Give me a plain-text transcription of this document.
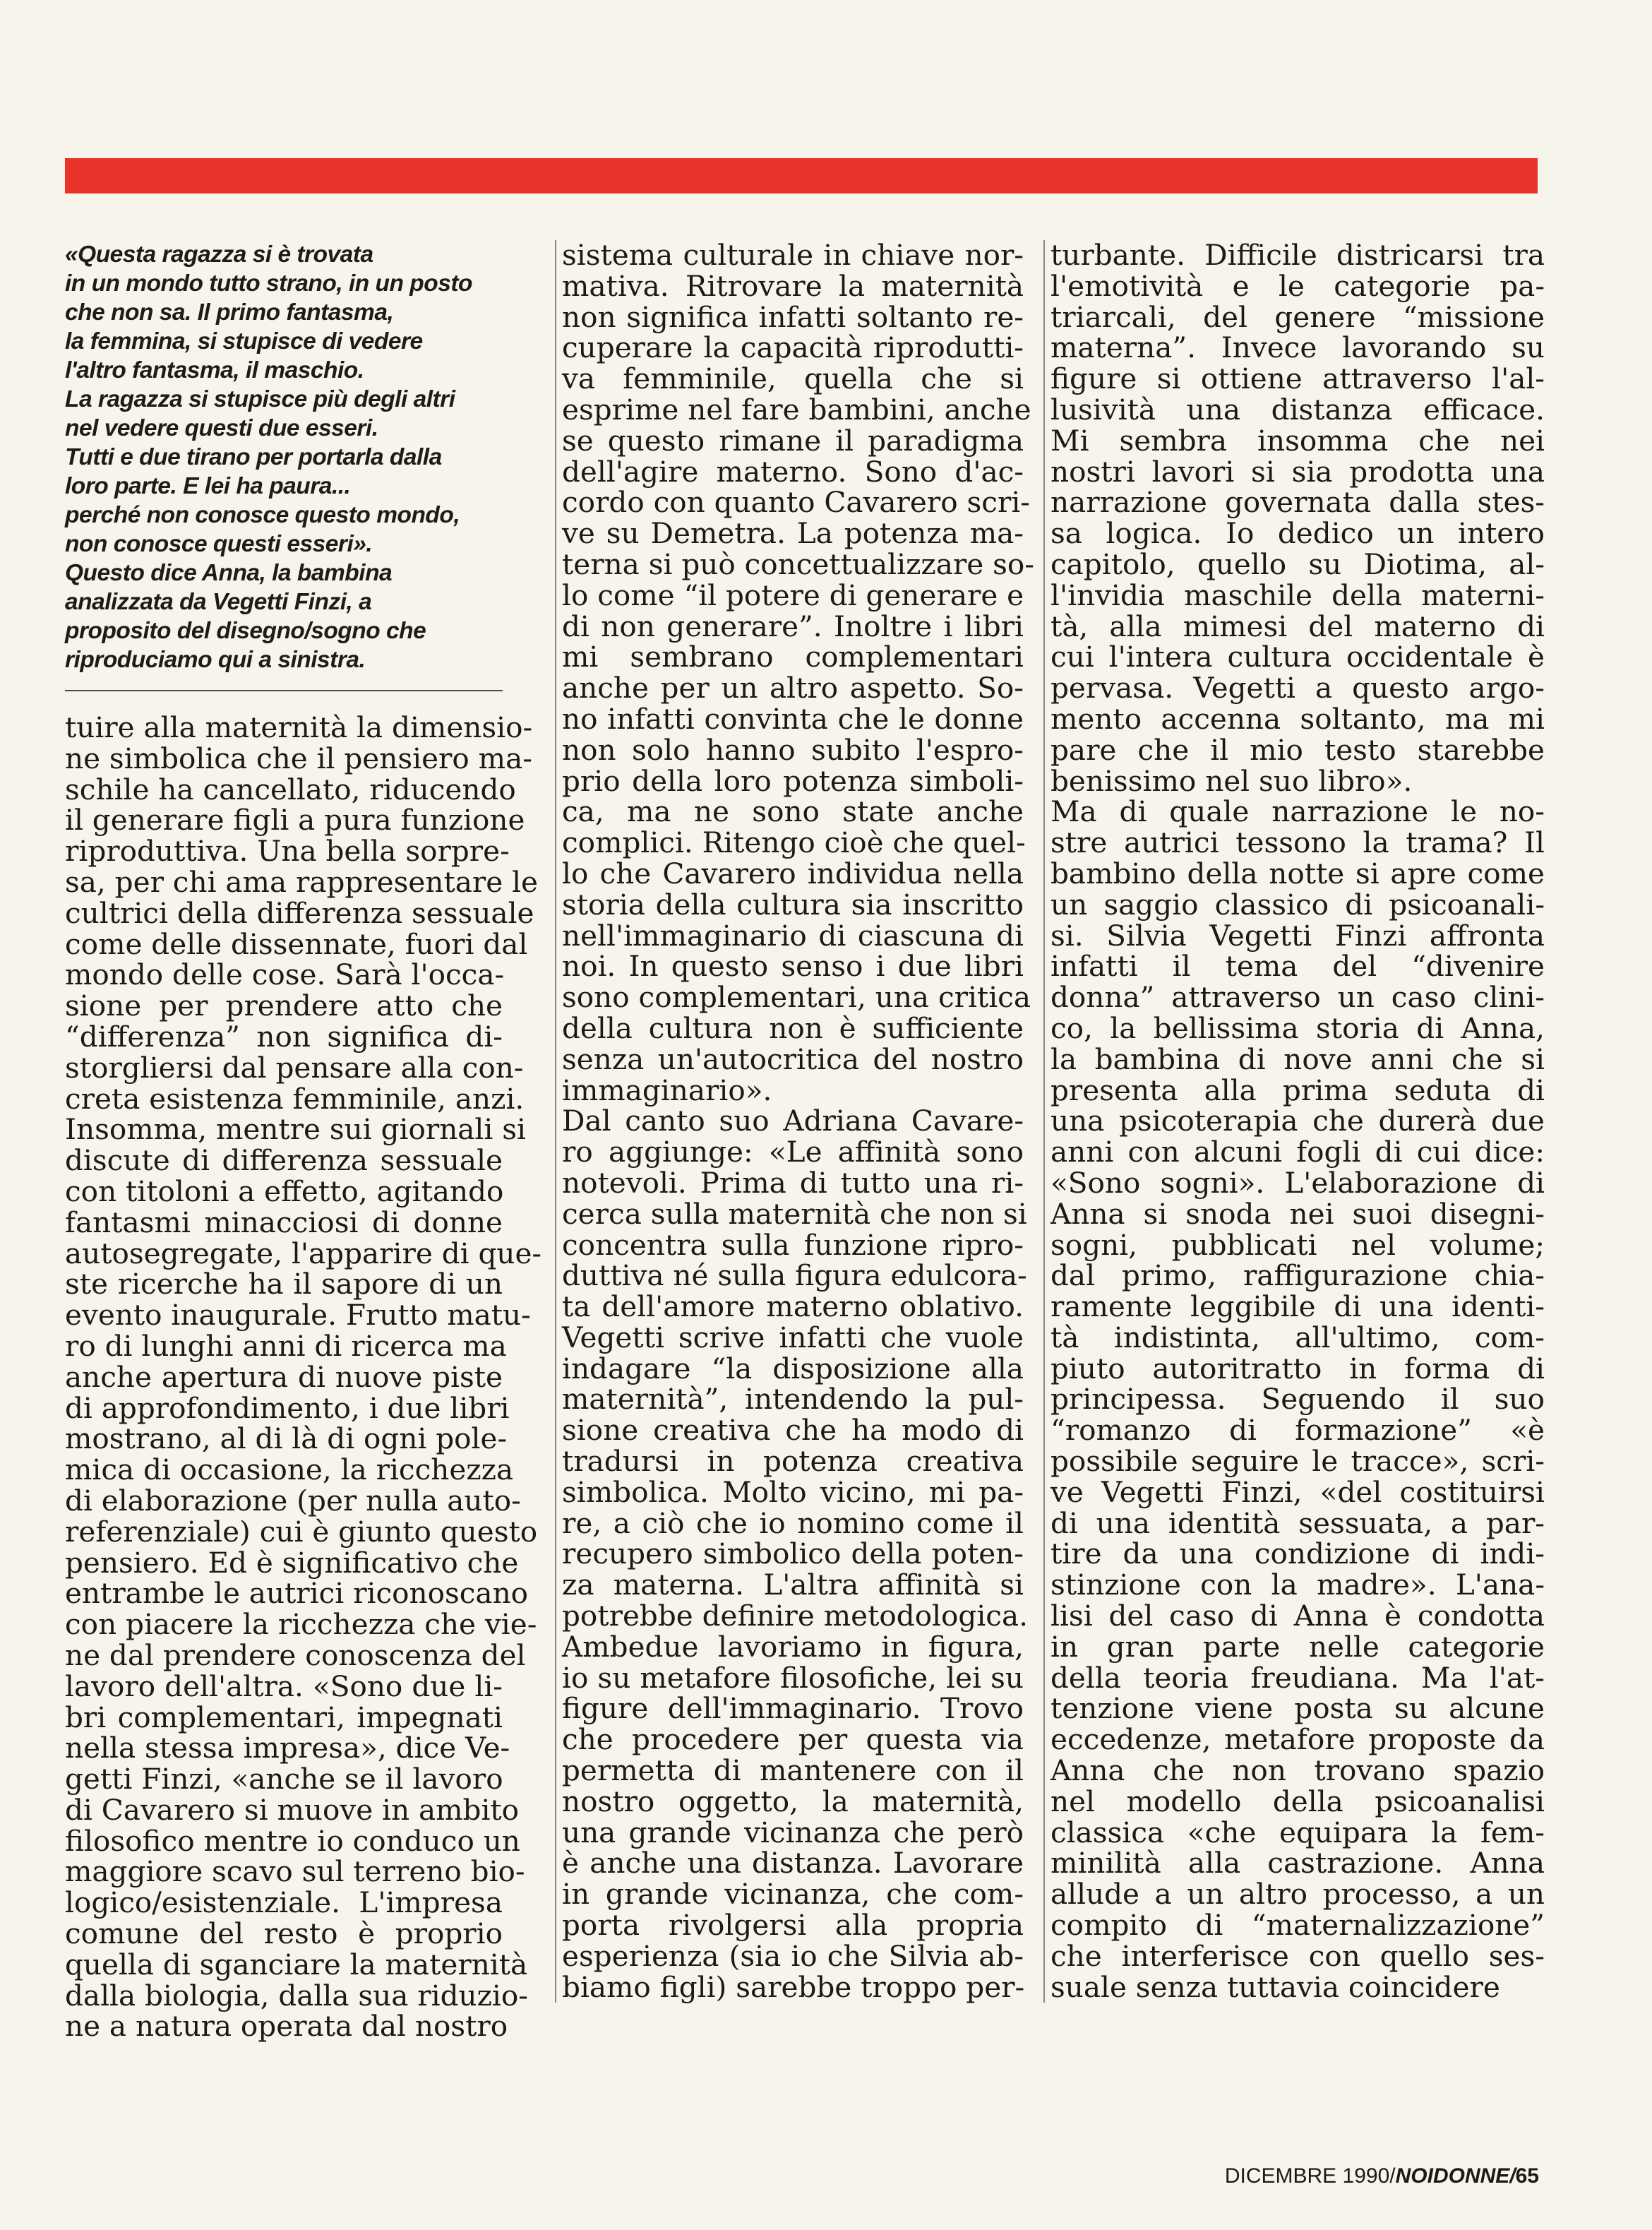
«Questa ragazza si è trovata
in un mondo tutto strano, in un posto
che non sa. Il primo fantasma,
la femmina, si stupisce di vedere
l'altro fantasma, il maschio.
La ragazza si stupisce più degli altri
nel vedere questi due esseri.
Tutti e due tirano per portarla dalla
loro parte. E lei ha paura...
perché non conosce questo mondo,
non conosce questi esseri».
Questo dice Anna, la bambina
analizzata da Vegetti Finzi, a
proposito del disegno/sogno che
riproduciamo qui a sinistra.
tuire alla maternità la dimensio-
ne simbolica che il pensiero ma-
schile ha cancellato, riducendo
il generare figli a pura funzione
riproduttiva. Una bella sorpre-
sa, per chi ama rappresentare le
cultrici della differenza sessuale
come delle dissennate, fuori dal
mondo delle cose. Sarà l'occa-
sione per prendere atto che
“differenza” non significa di-
storgliersi dal pensare alla con-
creta esistenza femminile, anzi.
Insomma, mentre sui giornali si
discute di differenza sessuale
con titoloni a effetto, agitando
fantasmi minacciosi di donne
autosegregate, l'apparire di que-
ste ricerche ha il sapore di un
evento inaugurale. Frutto matu-
ro di lunghi anni di ricerca ma
anche apertura di nuove piste
di approfondimento, i due libri
mostrano, al di là di ogni pole-
mica di occasione, la ricchezza
di elaborazione (per nulla auto-
referenziale) cui è giunto questo
pensiero. Ed è significativo che
entrambe le autrici riconoscano
con piacere la ricchezza che vie-
ne dal prendere conoscenza del
lavoro dell'altra. «Sono due li-
bri complementari, impegnati
nella stessa impresa», dice Ve-
getti Finzi, «anche se il lavoro
di Cavarero si muove in ambito
filosofico mentre io conduco un
maggiore scavo sul terreno bio-
logico/esistenziale. L'impresa
comune del resto è proprio
quella di sganciare la maternità
dalla biologia, dalla sua riduzio-
ne a natura operata dal nostro
sistema culturale in chiave nor-
mativa. Ritrovare la maternità
non significa infatti soltanto re-
cuperare la capacità riprodutti-
va femminile, quella che si
esprime nel fare bambini, anche
se questo rimane il paradigma
dell'agire materno. Sono d'ac-
cordo con quanto Cavarero scri-
ve su Demetra. La potenza ma-
terna si può concettualizzare so-
lo come “il potere di generare e
di non generare”. Inoltre i libri
mi sembrano complementari
anche per un altro aspetto. So-
no infatti convinta che le donne
non solo hanno subito l'espro-
prio della loro potenza simboli-
ca, ma ne sono state anche
complici. Ritengo cioè che quel-
lo che Cavarero individua nella
storia della cultura sia inscritto
nell'immaginario di ciascuna di
noi. In questo senso i due libri
sono complementari, una critica
della cultura non è sufficiente
senza un'autocritica del nostro
immaginario».
Dal canto suo Adriana Cavare-
ro aggiunge: «Le affinità sono
notevoli. Prima di tutto una ri-
cerca sulla maternità che non si
concentra sulla funzione ripro-
duttiva né sulla figura edulcora-
ta dell'amore materno oblativo.
Vegetti scrive infatti che vuole
indagare “la disposizione alla
maternità”, intendendo la pul-
sione creativa che ha modo di
tradursi in potenza creativa
simbolica. Molto vicino, mi pa-
re, a ciò che io nomino come il
recupero simbolico della poten-
za materna. L'altra affinità si
potrebbe definire metodologica.
Ambedue lavoriamo in figura,
io su metafore filosofiche, lei su
figure dell'immaginario. Trovo
che procedere per questa via
permetta di mantenere con il
nostro oggetto, la maternità,
una grande vicinanza che però
è anche una distanza. Lavorare
in grande vicinanza, che com-
porta rivolgersi alla propria
esperienza (sia io che Silvia ab-
biamo figli) sarebbe troppo per-
turbante. Difficile districarsi tra
l'emotività e le categorie pa-
triarcali, del genere “missione
materna”. Invece lavorando su
figure si ottiene attraverso l'al-
lusività una distanza efficace.
Mi sembra insomma che nei
nostri lavori si sia prodotta una
narrazione governata dalla stes-
sa logica. Io dedico un intero
capitolo, quello su Diotima, al-
l'invidia maschile della materni-
tà, alla mimesi del materno di
cui l'intera cultura occidentale è
pervasa. Vegetti a questo argo-
mento accenna soltanto, ma mi
pare che il mio testo starebbe
benissimo nel suo libro».
Ma di quale narrazione le no-
stre autrici tessono la trama? Il
bambino della notte si apre come
un saggio classico di psicoanali-
si. Silvia Vegetti Finzi affronta
infatti il tema del “divenire
donna” attraverso un caso clini-
co, la bellissima storia di Anna,
la bambina di nove anni che si
presenta alla prima seduta di
una psicoterapia che durerà due
anni con alcuni fogli di cui dice:
«Sono sogni». L'elaborazione di
Anna si snoda nei suoi disegni-
sogni, pubblicati nel volume;
dal primo, raffigurazione chia-
ramente leggibile di una identi-
tà indistinta, all'ultimo, com-
piuto autoritratto in forma di
principessa. Seguendo il suo
“romanzo di formazione” «è
possibile seguire le tracce», scri-
ve Vegetti Finzi, «del costituirsi
di una identità sessuata, a par-
tire da una condizione di indi-
stinzione con la madre». L'ana-
lisi del caso di Anna è condotta
in gran parte nelle categorie
della teoria freudiana. Ma l'at-
tenzione viene posta su alcune
eccedenze, metafore proposte da
Anna che non trovano spazio
nel modello della psicoanalisi
classica «che equipara la fem-
minilità alla castrazione. Anna
allude a un altro processo, a un
compito di “maternalizzazione”
che interferisce con quello ses-
suale senza tuttavia coincidere
DICEMBRE 1990/NOIDONNE/65
